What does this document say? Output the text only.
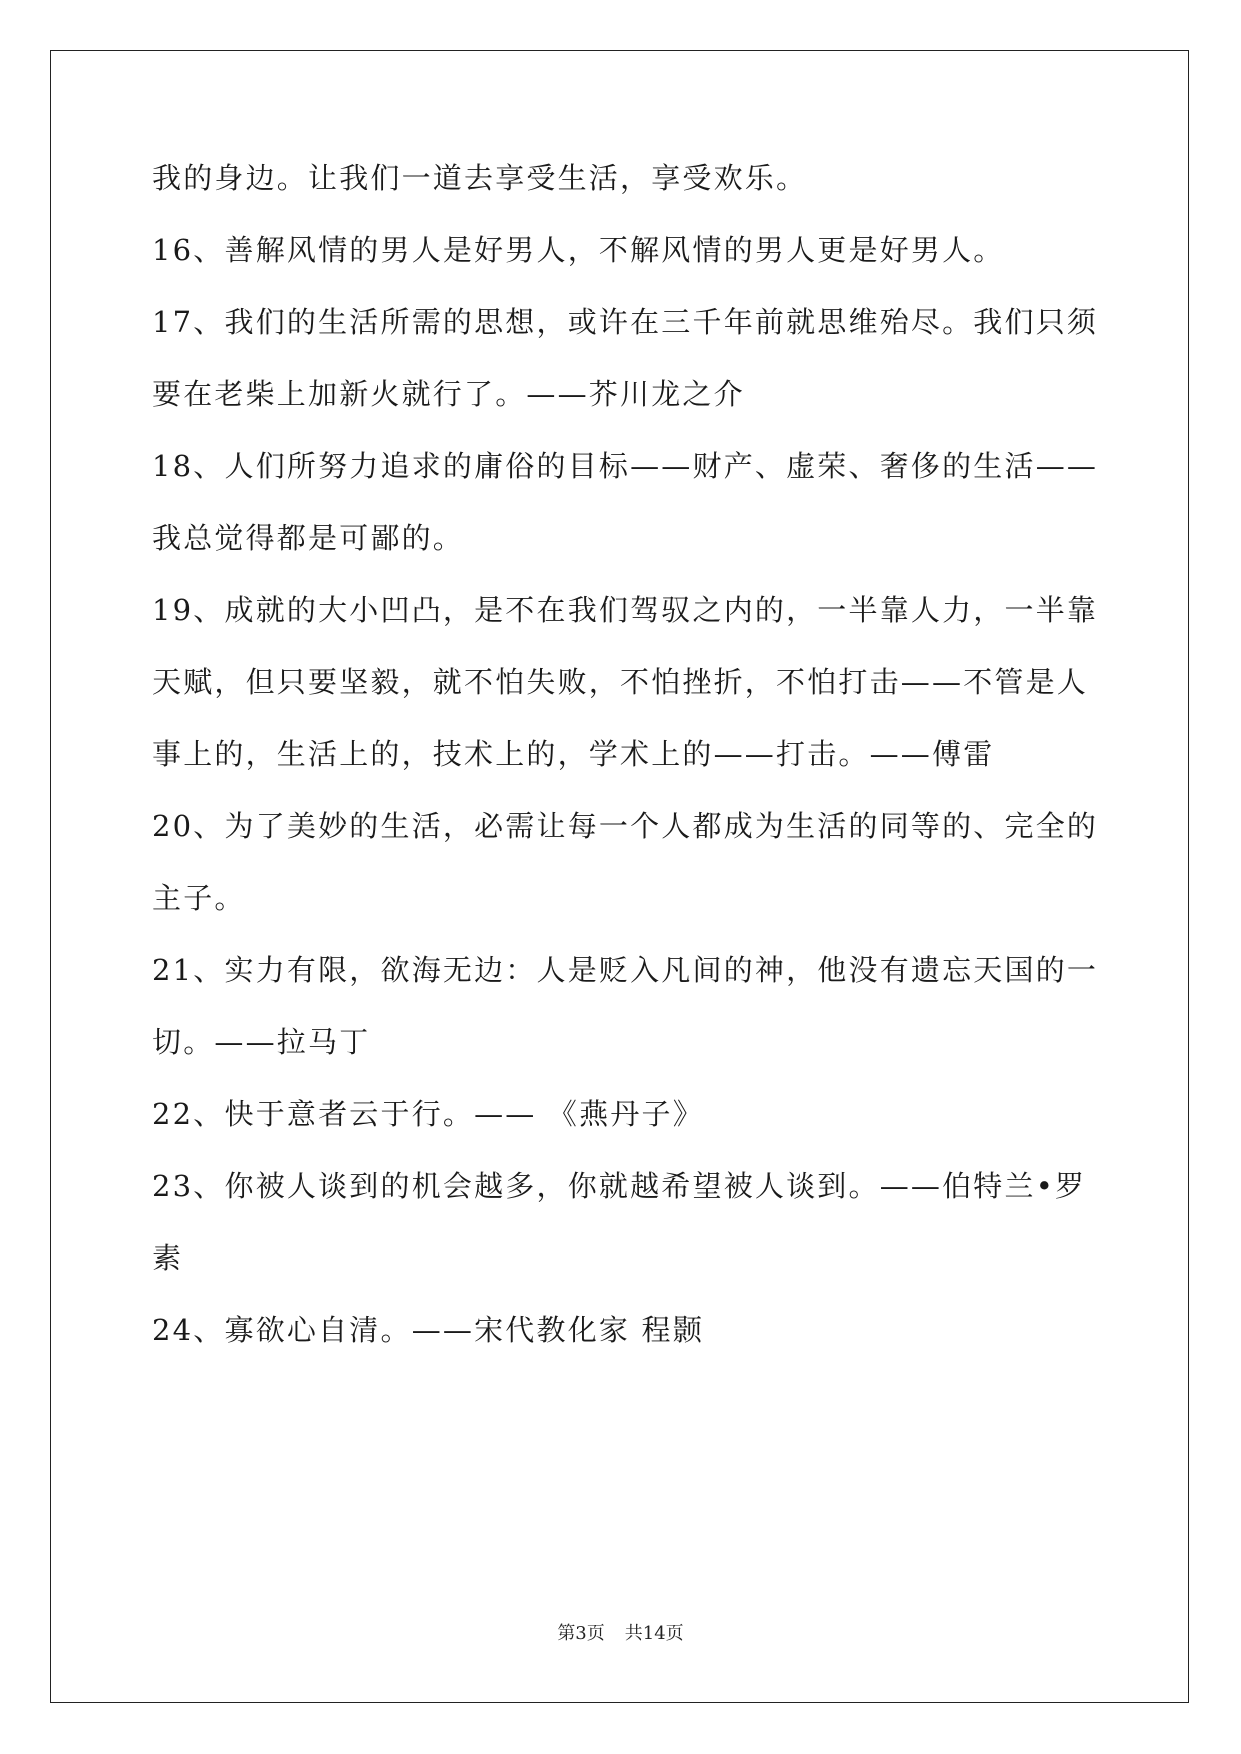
我的身边。让我们一道去享受生活，享受欢乐。
16、善解风情的男人是好男人，不解风情的男人更是好男人。
17、我们的生活所需的思想，或许在三千年前就思维殆尽。我们只须
要在老柴上加新火就行了。——芥川龙之介
18、人们所努力追求的庸俗的目标——财产、虚荣、奢侈的生活——
我总觉得都是可鄙的。
19、成就的大小凹凸，是不在我们驾驭之内的，一半靠人力，一半靠
天赋，但只要坚毅，就不怕失败，不怕挫折，不怕打击——不管是人
事上的，生活上的，技术上的，学术上的——打击。——傅雷
20、为了美妙的生活，必需让每一个人都成为生活的同等的、完全的
主子。
21、实力有限，欲海无边：人是贬入凡间的神，他没有遗忘天国的一
切。——拉马丁
22、快于意者云于行。—— 《燕丹子》
23、你被人谈到的机会越多，你就越希望被人谈到。——伯特兰•罗
素
24、寡欲心自清。——宋代教化家 程颢
第3页 共14页
